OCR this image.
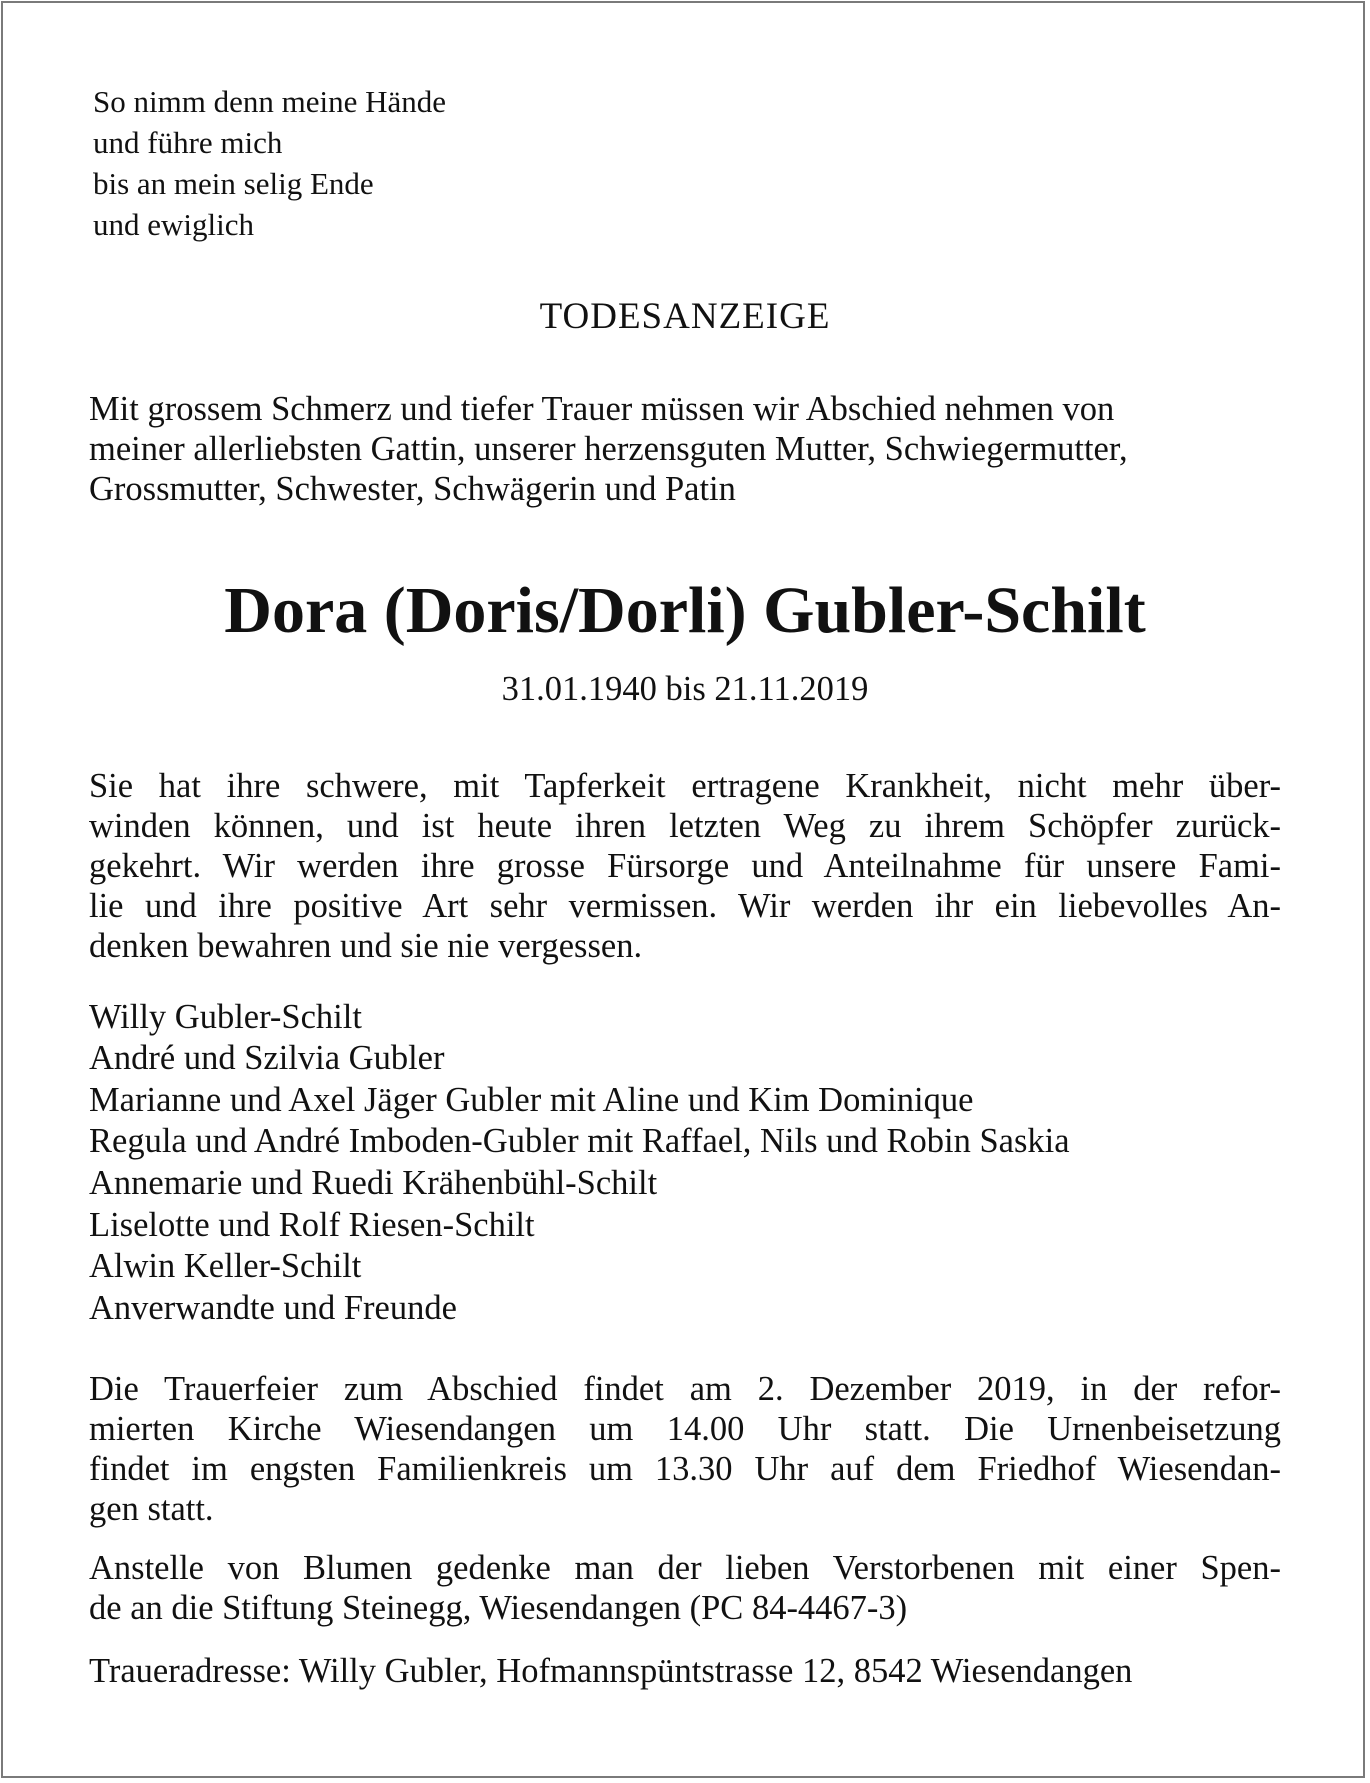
So nimm denn meine Hände
und führe mich
bis an mein selig Ende
und ewiglich
TODESANZEIGE
Mit grossem Schmerz und tiefer Trauer müssen wir Abschied nehmen von
meiner allerliebsten Gattin, unserer herzensguten Mutter, Schwiegermutter,
Grossmutter, Schwester, Schwägerin und Patin
Dora (Doris/Dorli) Gubler-Schilt
31.01.1940 bis 21.11.2019
Sie hat ihre schwere, mit Tapferkeit ertragene Krankheit, nicht mehr über-
winden können, und ist heute ihren letzten Weg zu ihrem Schöpfer zurück-
gekehrt. Wir werden ihre grosse Fürsorge und Anteilnahme für unsere Fami-
lie und ihre positive Art sehr vermissen. Wir werden ihr ein liebevolles An-
denken bewahren und sie nie vergessen.
Willy Gubler-Schilt
André und Szilvia Gubler
Marianne und Axel Jäger Gubler mit Aline und Kim Dominique
Regula und André Imboden-Gubler mit Raffael, Nils und Robin Saskia
Annemarie und Ruedi Krähenbühl-Schilt
Liselotte und Rolf Riesen-Schilt
Alwin Keller-Schilt
Anverwandte und Freunde
Die Trauerfeier zum Abschied findet am 2. Dezember 2019, in der refor-
mierten Kirche Wiesendangen um 14.00 Uhr statt. Die Urnenbeisetzung
findet im engsten Familienkreis um 13.30 Uhr auf dem Friedhof Wiesendan-
gen statt.
Anstelle von Blumen gedenke man der lieben Verstorbenen mit einer Spen-
de an die Stiftung Steinegg, Wiesendangen (PC 84-4467-3)
Traueradresse: Willy Gubler, Hofmannspüntstrasse 12, 8542 Wiesendangen
